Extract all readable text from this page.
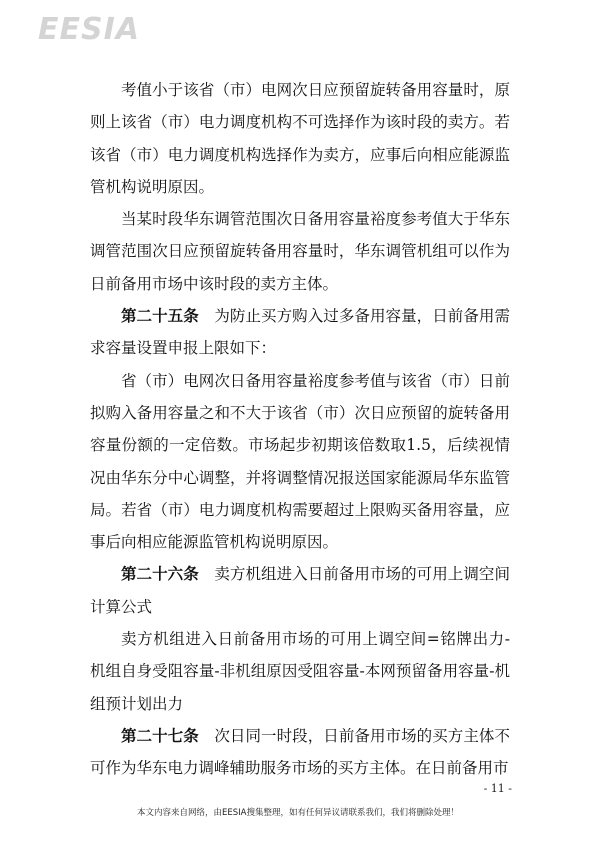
EESIA

考值小于该省（市）电网次日应预留旋转备用容量时，原则上该省（市）电力调度机构不可选择作为该时段的卖方。若该省（市）电力调度机构选择作为卖方，应事后向相应能源监管机构说明原因。

当某时段华东调管范围次日备用容量裕度参考值大于华东调管范围次日应预留旋转备用容量时，华东调管机组可以作为日前备用市场中该时段的卖方主体。

第二十五条  为防止买方购入过多备用容量，日前备用需求容量设置申报上限如下：

省（市）电网次日备用容量裕度参考值与该省（市）日前拟购入备用容量之和不大于该省（市）次日应预留的旋转备用容量份额的一定倍数。市场起步初期该倍数取1.5，后续视情况由华东分中心调整，并将调整情况报送国家能源局华东监管局。若省（市）电力调度机构需要超过上限购买备用容量，应事后向相应能源监管机构说明原因。

第二十六条  卖方机组进入日前备用市场的可用上调空间计算公式

卖方机组进入日前备用市场的可用上调空间=铭牌出力-机组自身受阻容量-非机组原因受阻容量-本网预留备用容量-机组预计划出力

第二十七条  次日同一时段，日前备用市场的买方主体不可作为华东电力调峰辅助服务市场的买方主体。在日前备用市

- 11 -
本文内容来自网络，由EESIA搜集整理，如有任何异议请联系我们，我们将删除处理！
